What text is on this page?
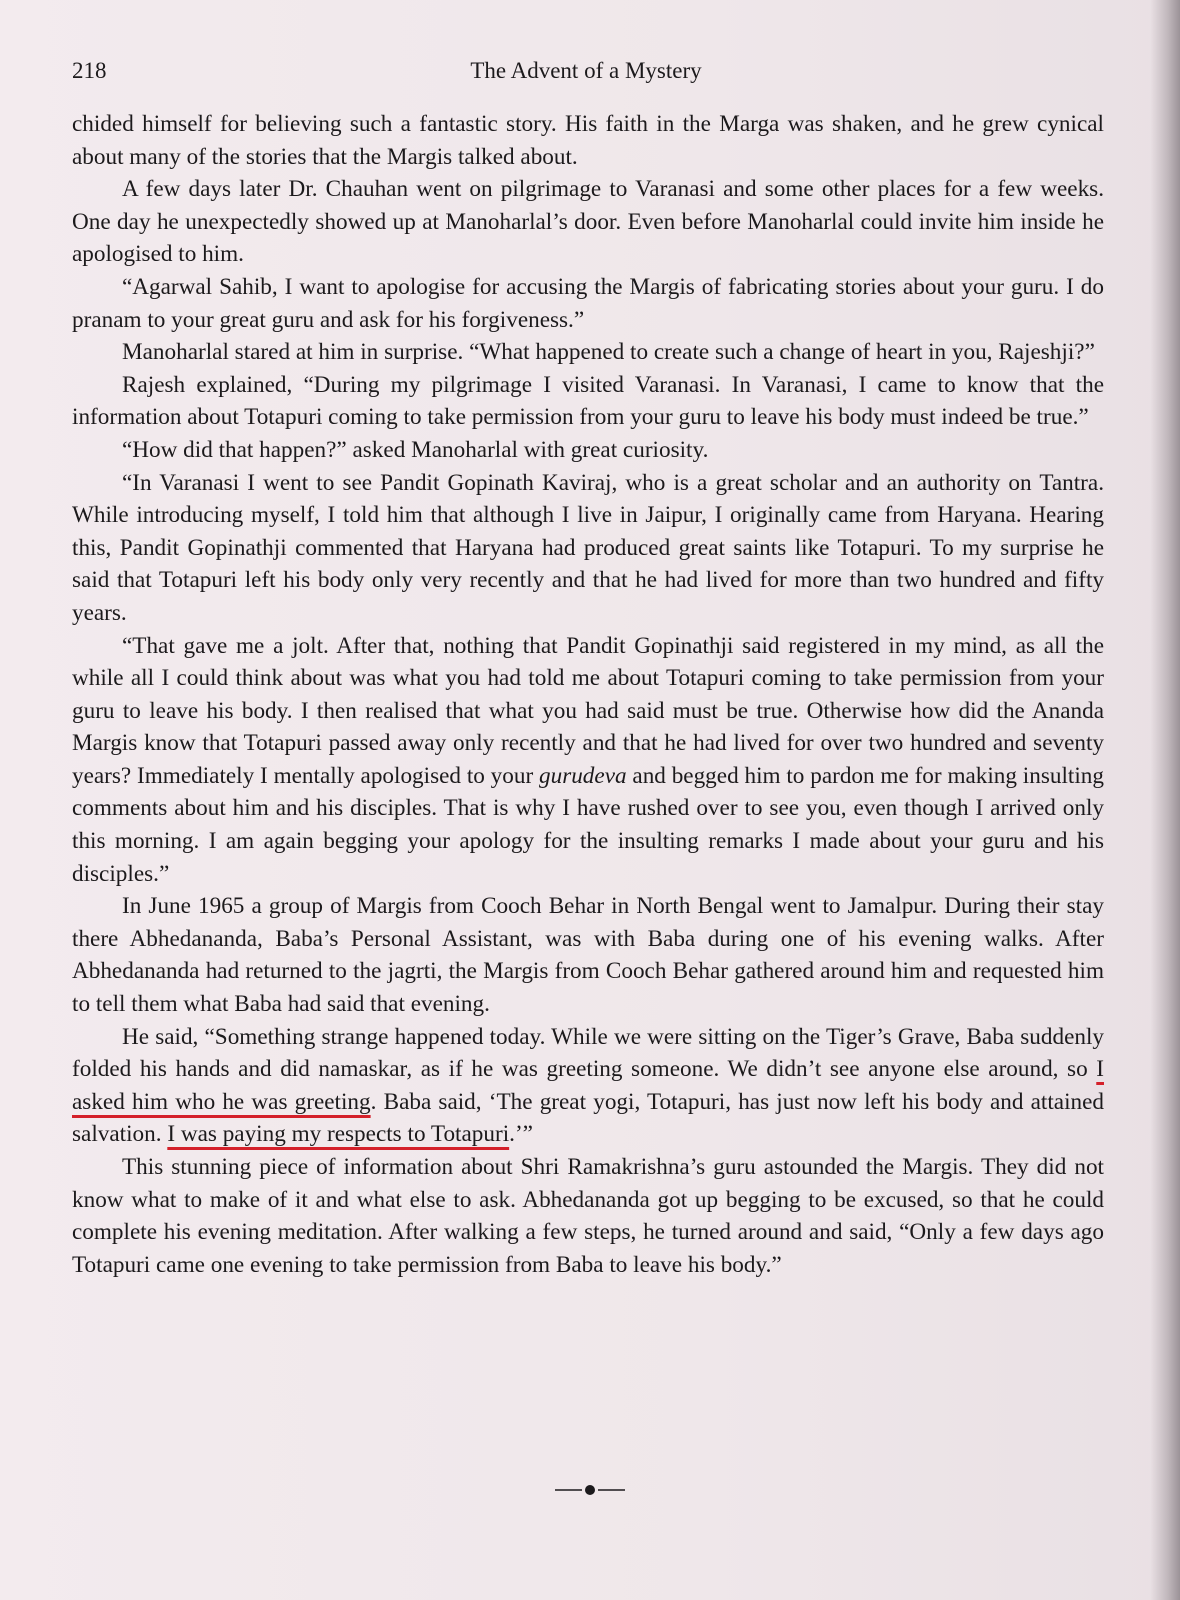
218	The Advent of a Mystery

chided himself for believing such a fantastic story. His faith in the Marga was shaken, and he grew cynical about many of the stories that the Margis talked about.

A few days later Dr. Chauhan went on pilgrimage to Varanasi and some other places for a few weeks. One day he unexpectedly showed up at Manoharlal’s door. Even before Manoharlal could invite him inside he apologised to him.

“Agarwal Sahib, I want to apologise for accusing the Margis of fabricating stories about your guru. I do pranam to your great guru and ask for his forgiveness.”

Manoharlal stared at him in surprise. “What happened to create such a change of heart in you, Rajeshji?”

Rajesh explained, “During my pilgrimage I visited Varanasi. In Varanasi, I came to know that the information about Totapuri coming to take permission from your guru to leave his body must indeed be true.”

“How did that happen?” asked Manoharlal with great curiosity.

“In Varanasi I went to see Pandit Gopinath Kaviraj, who is a great scholar and an authority on Tantra. While introducing myself, I told him that although I live in Jaipur, I originally came from Haryana. Hearing this, Pandit Gopinathji commented that Haryana had produced great saints like Totapuri. To my surprise he said that Totapuri left his body only very recently and that he had lived for more than two hundred and fifty years.

“That gave me a jolt. After that, nothing that Pandit Gopinathji said registered in my mind, as all the while all I could think about was what you had told me about Totapuri coming to take permission from your guru to leave his body. I then realised that what you had said must be true. Otherwise how did the Ananda Margis know that Totapuri passed away only recently and that he had lived for over two hundred and seventy years? Immediately I mentally apologised to your gurudeva and begged him to pardon me for making insulting comments about him and his disciples. That is why I have rushed over to see you, even though I arrived only this morning. I am again begging your apology for the insulting remarks I made about your guru and his disciples.”

In June 1965 a group of Margis from Cooch Behar in North Bengal went to Jamalpur. During their stay there Abhedananda, Baba’s Personal Assistant, was with Baba during one of his evening walks. After Abhedananda had returned to the jagrti, the Margis from Cooch Behar gathered around him and requested him to tell them what Baba had said that evening.

He said, “Something strange happened today. While we were sitting on the Tiger’s Grave, Baba suddenly folded his hands and did namaskar, as if he was greeting someone. We didn’t see anyone else around, so I asked him who he was greeting. Baba said, ‘The great yogi, Totapuri, has just now left his body and attained salvation. I was paying my respects to Totapuri.’”

This stunning piece of information about Shri Ramakrishna’s guru astounded the Margis. They did not know what to make of it and what else to ask. Abhedananda got up begging to be excused, so that he could complete his evening meditation. After walking a few steps, he turned around and said, “Only a few days ago Totapuri came one evening to take permission from Baba to leave his body.”
